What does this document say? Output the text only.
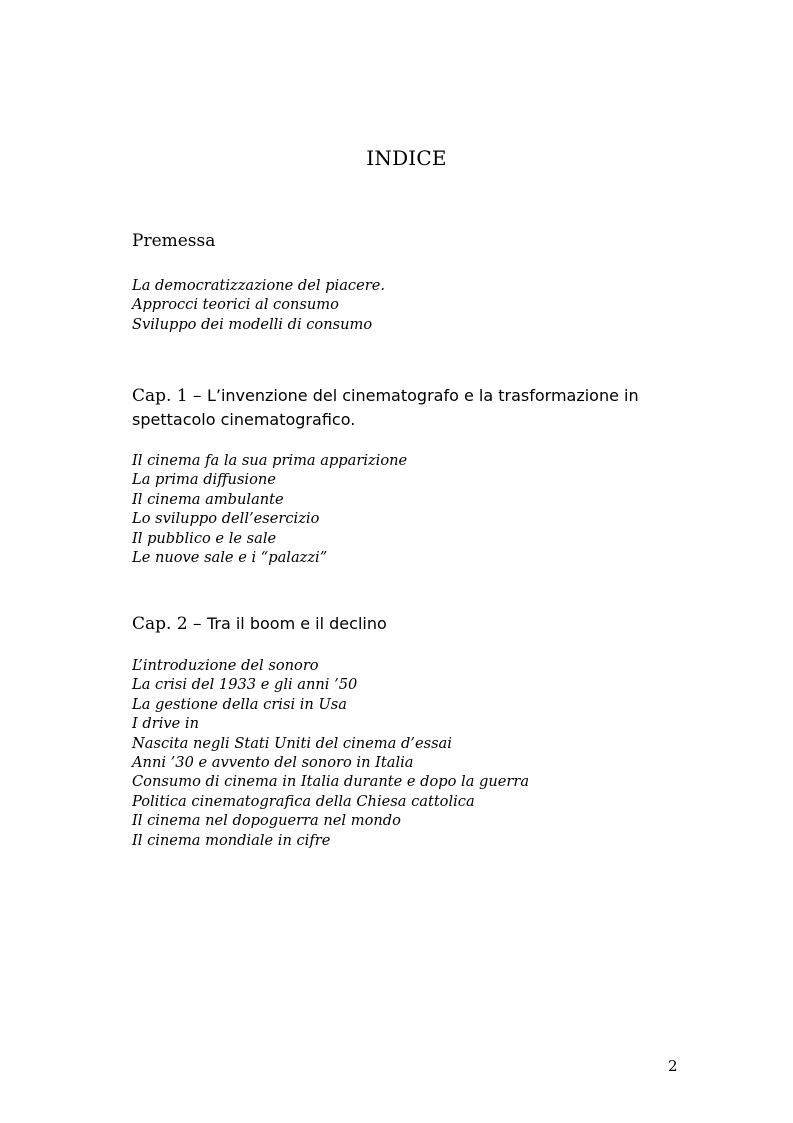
INDICE
Premessa
La democratizzazione del piacere.
Approcci teorici al consumo
Sviluppo dei modelli di consumo
Cap. 1 – L’invenzione del cinematografo e la trasformazione in spettacolo cinematografico.
Il cinema fa la sua prima apparizione
La prima diffusione
Il cinema ambulante
Lo sviluppo dell’esercizio
Il pubblico e le sale
Le nuove sale e i “palazzi”
Cap. 2 – Tra il boom e il declino
L’introduzione del sonoro
La crisi del 1933 e gli anni ’50
La gestione della crisi in Usa
I drive in
Nascita negli Stati Uniti del cinema d’essai
Anni ’30 e avvento del sonoro in Italia
Consumo di cinema in Italia durante e dopo la guerra
Politica cinematografica della Chiesa cattolica
Il cinema nel dopoguerra nel mondo
Il cinema mondiale in cifre
2
